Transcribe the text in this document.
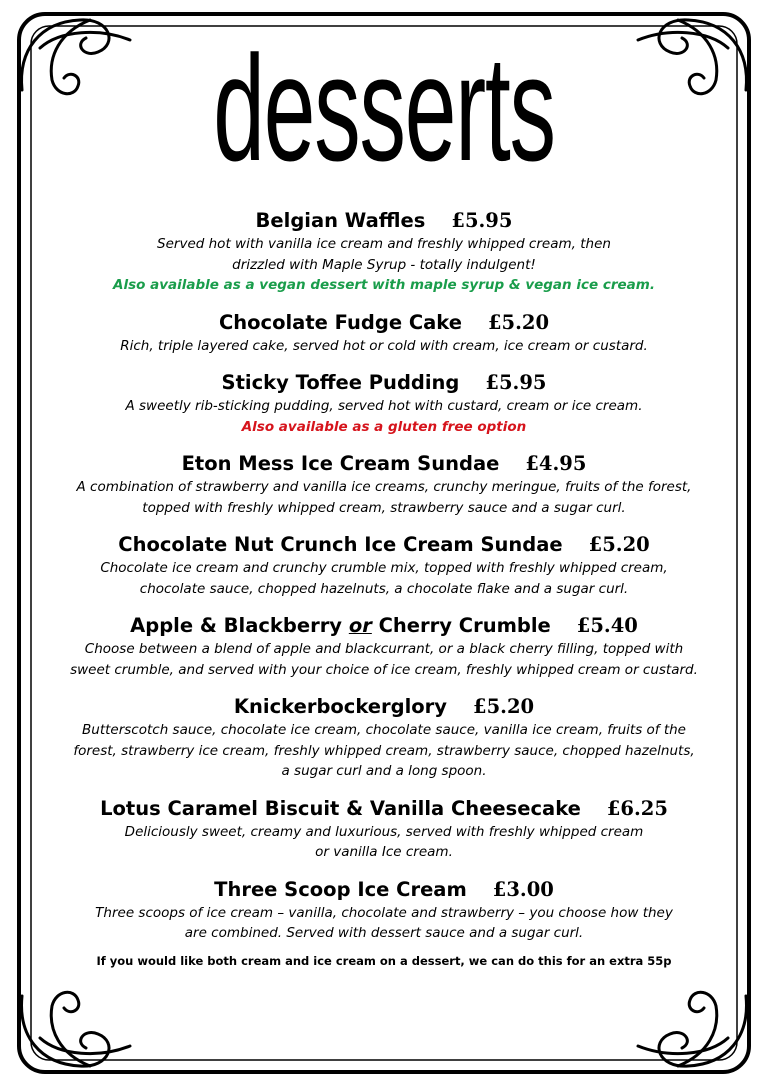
desserts
Belgian Waffles £5.95
Served hot with vanilla ice cream and freshly whipped cream, then
drizzled with Maple Syrup - totally indulgent!
Also available as a vegan dessert with maple syrup & vegan ice cream.
Chocolate Fudge Cake £5.20
Rich, triple layered cake, served hot or cold with cream, ice cream or custard.
Sticky Toffee Pudding £5.95
A sweetly rib-sticking pudding, served hot with custard, cream or ice cream.
Also available as a gluten free option
Eton Mess Ice Cream Sundae £4.95
A combination of strawberry and vanilla ice creams, crunchy meringue, fruits of the forest,
topped with freshly whipped cream, strawberry sauce and a sugar curl.
Chocolate Nut Crunch Ice Cream Sundae £5.20
Chocolate ice cream and crunchy crumble mix, topped with freshly whipped cream,
chocolate sauce, chopped hazelnuts, a chocolate flake and a sugar curl.
Apple & Blackberry or Cherry Crumble £5.40
Choose between a blend of apple and blackcurrant, or a black cherry filling, topped with
sweet crumble, and served with your choice of ice cream, freshly whipped cream or custard.
Knickerbockerglory £5.20
Butterscotch sauce, chocolate ice cream, chocolate sauce, vanilla ice cream, fruits of the
forest, strawberry ice cream, freshly whipped cream, strawberry sauce, chopped hazelnuts,
a sugar curl and a long spoon.
Lotus Caramel Biscuit & Vanilla Cheesecake £6.25
Deliciously sweet, creamy and luxurious, served with freshly whipped cream
or vanilla Ice cream.
Three Scoop Ice Cream £3.00
Three scoops of ice cream – vanilla, chocolate and strawberry – you choose how they
are combined. Served with dessert sauce and a sugar curl.
If you would like both cream and ice cream on a dessert, we can do this for an extra 55p
